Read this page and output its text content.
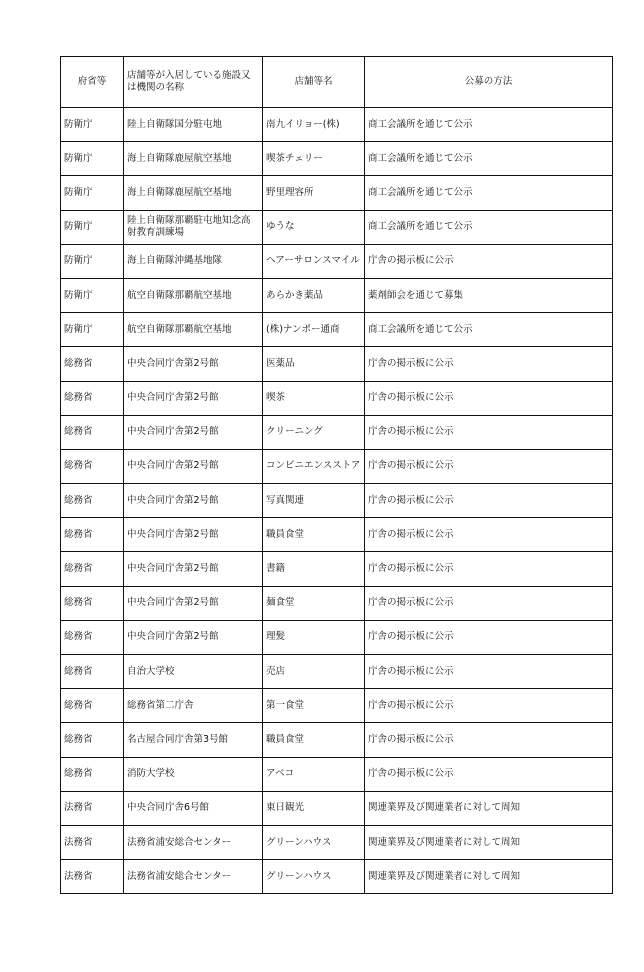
府省等	店舗等が入居している施設又は機関の名称	店舗等名	公募の方法
防衛庁	陸上自衛隊国分駐屯地	南九イリョー(株)	商工会議所を通じて公示
防衛庁	海上自衛隊鹿屋航空基地	喫茶チェリー	商工会議所を通じて公示
防衛庁	海上自衛隊鹿屋航空基地	野里理容所	商工会議所を通じて公示
防衛庁	陸上自衛隊那覇駐屯地知念高射教育訓練場	ゆうな	商工会議所を通じて公示
防衛庁	海上自衛隊沖縄基地隊	ヘアーサロンスマイル	庁舎の掲示板に公示
防衛庁	航空自衛隊那覇航空基地	あらかき薬品	薬剤師会を通じて募集
防衛庁	航空自衛隊那覇航空基地	(株)ナンポー通商	商工会議所を通じて公示
総務省	中央合同庁舎第2号館	医薬品	庁舎の掲示板に公示
総務省	中央合同庁舎第2号館	喫茶	庁舎の掲示板に公示
総務省	中央合同庁舎第2号館	クリーニング	庁舎の掲示板に公示
総務省	中央合同庁舎第2号館	コンビニエンスストア	庁舎の掲示板に公示
総務省	中央合同庁舎第2号館	写真関連	庁舎の掲示板に公示
総務省	中央合同庁舎第2号館	職員食堂	庁舎の掲示板に公示
総務省	中央合同庁舎第2号館	書籍	庁舎の掲示板に公示
総務省	中央合同庁舎第2号館	麺食堂	庁舎の掲示板に公示
総務省	中央合同庁舎第2号館	理髪	庁舎の掲示板に公示
総務省	自治大学校	売店	庁舎の掲示板に公示
総務省	総務省第二庁舎	第一食堂	庁舎の掲示板に公示
総務省	名古屋合同庁舎第3号館	職員食堂	庁舎の掲示板に公示
総務省	消防大学校	アベコ	庁舎の掲示板に公示
法務省	中央合同庁舎6号館	東日観光	関連業界及び関連業者に対して周知
法務省	法務省浦安総合センター	グリーンハウス	関連業界及び関連業者に対して周知
法務省	法務省浦安総合センター	グリーンハウス	関連業界及び関連業者に対して周知
